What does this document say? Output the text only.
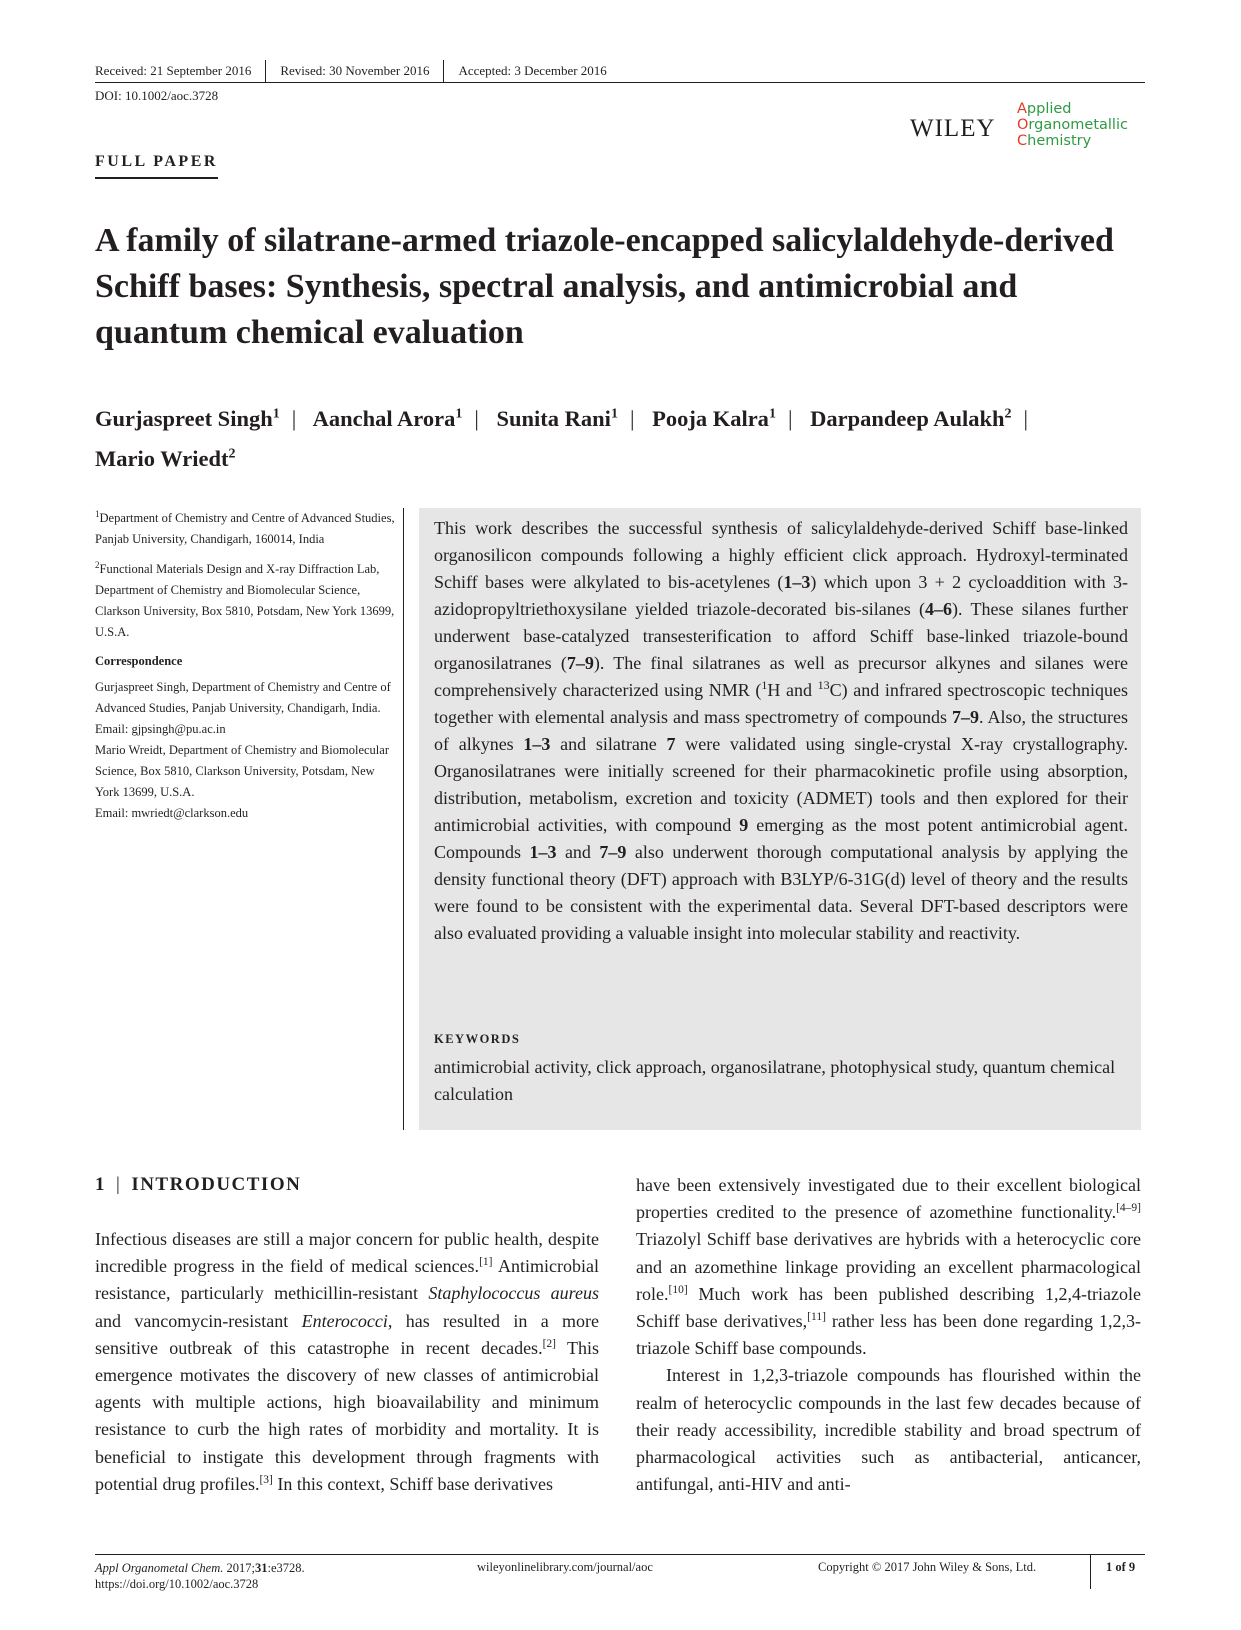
Received: 21 September 2016	Revised: 30 November 2016	Accepted: 3 December 2016
DOI: 10.1002/aoc.3728
WILEY
Applied
Organometallic
Chemistry
FULL PAPER
A family of silatrane-armed triazole-encapped salicylaldehyde-derived Schiff bases: Synthesis, spectral analysis, and antimicrobial and quantum chemical evaluation
Gurjaspreet Singh$^1$ | Aanchal Arora$^1$ | Sunita Rani$^1$ | Pooja Kalra$^1$ | Darpandeep Aulakh$^2$ |
Mario Wriedt$^2$

$^1$Department of Chemistry and Centre of Advanced Studies, Panjab University, Chandigarh, 160014, India

$^2$Functional Materials Design and X-ray Diffraction Lab, Department of Chemistry and Biomolecular Science, Clarkson University, Box 5810, Potsdam, New York 13699, U.S.A.

Correspondence

Gurjaspreet Singh, Department of Chemistry and Centre of Advanced Studies, Panjab University, Chandigarh, India.
Email: gjpsingh@pu.ac.in
Mario Wreidt, Department of Chemistry and Biomolecular Science, Box 5810, Clarkson University, Potsdam, New York 13699, U.S.A.
Email: mwriedt@clarkson.edu
This work describes the successful synthesis of salicylaldehyde-derived Schiff base-linked organosilicon compounds following a highly efficient click approach. Hydroxyl-terminated Schiff bases were alkylated to bis-acetylenes (1–3) which upon 3 + 2 cycloaddition with 3-azidopropyltriethoxysilane yielded triazole-decorated bis-silanes (4–6). These silanes further underwent base-catalyzed transesterification to afford Schiff base-linked triazole-bound organosilatranes (7–9). The final silatranes as well as precursor alkynes and silanes were comprehensively characterized using NMR ($^1$H and $^{13}$C) and infrared spectroscopic techniques together with elemental analysis and mass spectrometry of compounds 7–9. Also, the structures of alkynes 1–3 and silatrane 7 were validated using single-crystal X-ray crystallography. Organosilatranes were initially screened for their pharmacokinetic profile using absorption, distribution, metabolism, excretion and toxicity (ADMET) tools and then explored for their antimicrobial activities, with compound 9 emerging as the most potent antimicrobial agent. Compounds 1–3 and 7–9 also underwent thorough computational analysis by applying the density functional theory (DFT) approach with B3LYP/6-31G(d) level of theory and the results were found to be consistent with the experimental data. Several DFT-based descriptors were also evaluated providing a valuable insight into molecular stability and reactivity.
KEYWORDS
antimicrobial activity, click approach, organosilatrane, photophysical study, quantum chemical calculation
1 | INTRODUCTION
Infectious diseases are still a major concern for public health, despite incredible progress in the field of medical sciences.[1] Antimicrobial resistance, particularly methicillin-resistant Staphylococcus aureus and vancomycin-resistant Enterococci, has resulted in a more sensitive outbreak of this catastrophe in recent decades.[2] This emergence motivates the discovery of new classes of antimicrobial agents with multiple actions, high bioavailability and minimum resistance to curb the high rates of morbidity and mortality. It is beneficial to instigate this development through fragments with potential drug profiles.[3] In this context, Schiff base derivatives
have been extensively investigated due to their excellent biological properties credited to the presence of azomethine functionality.[4–9] Triazolyl Schiff base derivatives are hybrids with a heterocyclic core and an azomethine linkage providing an excellent pharmacological role.[10] Much work has been published describing 1,2,4-triazole Schiff base derivatives,[11] rather less has been done regarding 1,2,3-triazole Schiff base compounds.
Interest in 1,2,3-triazole compounds has flourished within the realm of heterocyclic compounds in the last few decades because of their ready accessibility, incredible stability and broad spectrum of pharmacological activities such as antibacterial, anticancer, antifungal, anti-HIV and anti-
Appl Organometal Chem. 2017;31:e3728.
https://doi.org/10.1002/aoc.3728
wileyonlinelibrary.com/journal/aoc	Copyright © 2017 John Wiley & Sons, Ltd.	1 of 9
